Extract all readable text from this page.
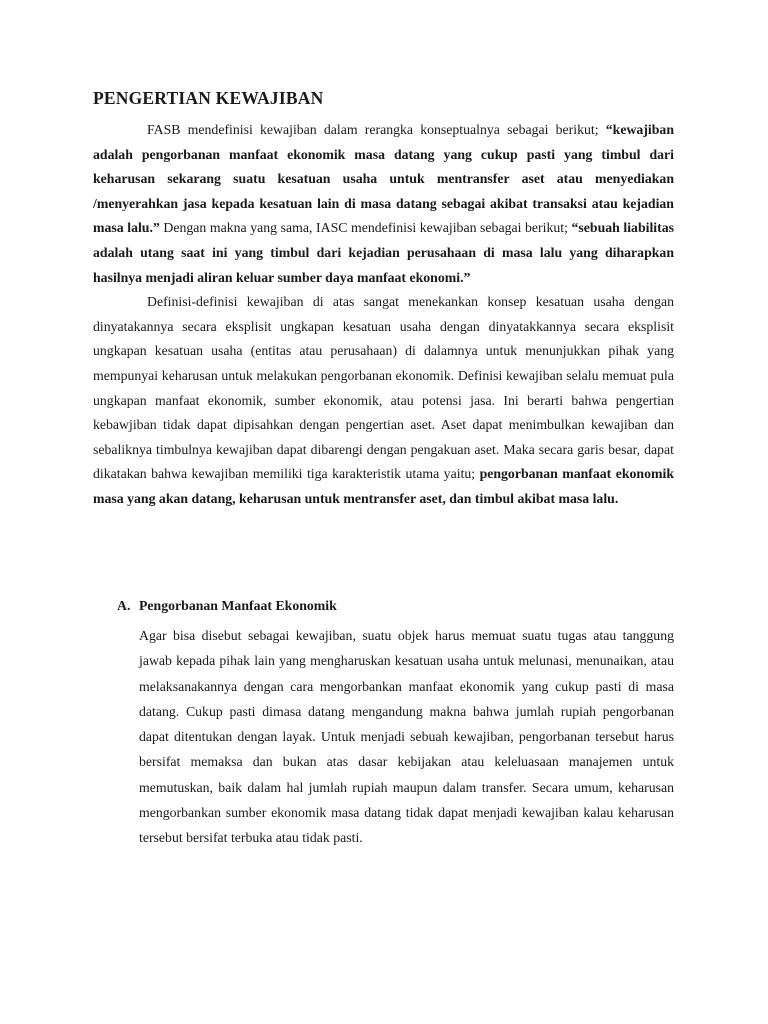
PENGERTIAN KEWAJIBAN

FASB mendefinisi kewajiban dalam rerangka konseptualnya sebagai berikut; “kewajiban adalah pengorbanan manfaat ekonomik masa datang yang cukup pasti yang timbul dari keharusan sekarang suatu kesatuan usaha untuk mentransfer aset atau menyediakan /menyerahkan jasa kepada kesatuan lain di masa datang sebagai akibat transaksi atau kejadian masa lalu.” Dengan makna yang sama, IASC mendefinisi kewajiban sebagai berikut; “sebuah liabilitas adalah utang saat ini yang timbul dari kejadian perusahaan di masa lalu yang diharapkan hasilnya menjadi aliran keluar sumber daya manfaat ekonomi.”

Definisi-definisi kewajiban di atas sangat menekankan konsep kesatuan usaha dengan dinyatakannya secara eksplisit ungkapan kesatuan usaha dengan dinyatakkannya secara eksplisit ungkapan kesatuan usaha (entitas atau perusahaan) di dalamnya untuk menunjukkan pihak yang mempunyai keharusan untuk melakukan pengorbanan ekonomik. Definisi kewajiban selalu memuat pula ungkapan manfaat ekonomik, sumber ekonomik, atau potensi jasa. Ini berarti bahwa pengertian kebawjiban tidak dapat dipisahkan dengan pengertian aset. Aset dapat menimbulkan kewajiban dan sebaliknya timbulnya kewajiban dapat dibarengi dengan pengakuan aset. Maka secara garis besar, dapat dikatakan bahwa kewajiban memiliki tiga karakteristik utama yaitu; pengorbanan manfaat ekonomik masa yang akan datang, keharusan untuk mentransfer aset, dan timbul akibat masa lalu.

A. Pengorbanan Manfaat Ekonomik

Agar bisa disebut sebagai kewajiban, suatu objek harus memuat suatu tugas atau tanggung jawab kepada pihak lain yang mengharuskan kesatuan usaha untuk melunasi, menunaikan, atau melaksanakannya dengan cara mengorbankan manfaat ekonomik yang cukup pasti di masa datang. Cukup pasti dimasa datang mengandung makna bahwa jumlah rupiah pengorbanan dapat ditentukan dengan layak. Untuk menjadi sebuah kewajiban, pengorbanan tersebut harus bersifat memaksa dan bukan atas dasar kebijakan atau keleluasaan manajemen untuk memutuskan, baik dalam hal jumlah rupiah maupun dalam transfer. Secara umum, keharusan mengorbankan sumber ekonomik masa datang tidak dapat menjadi kewajiban kalau keharusan tersebut bersifat terbuka atau tidak pasti.
